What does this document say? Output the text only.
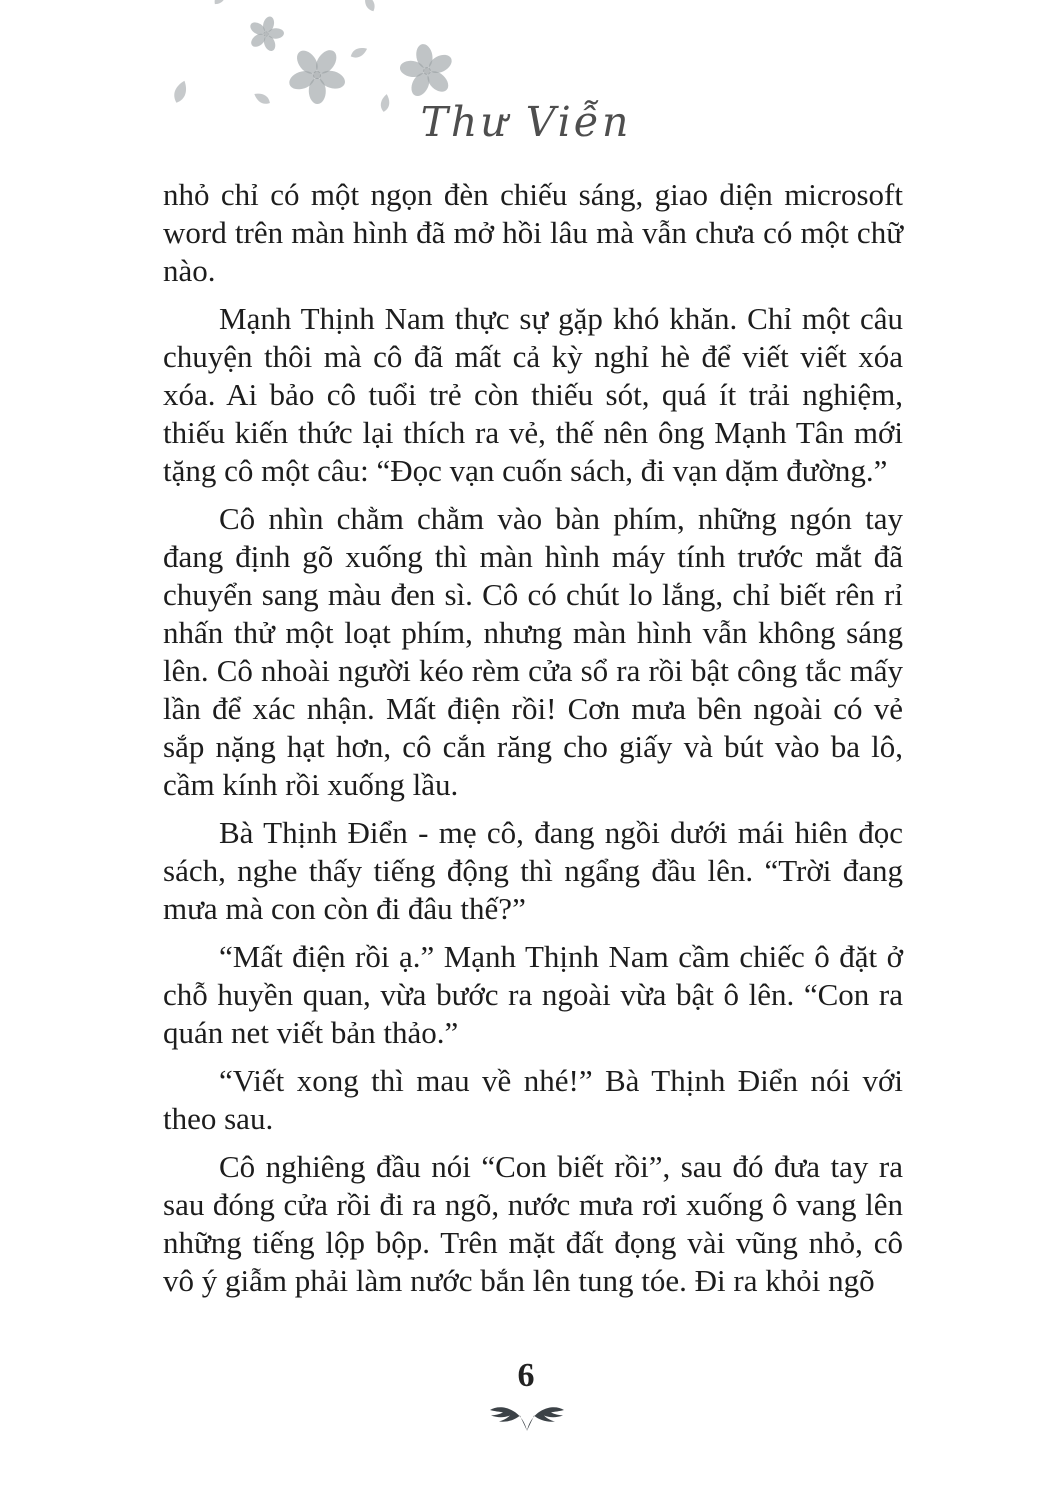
Thư Viễn

nhỏ chỉ có một ngọn đèn chiếu sáng, giao diện microsoft word trên màn hình đã mở hồi lâu mà vẫn chưa có một chữ nào.

Mạnh Thịnh Nam thực sự gặp khó khăn. Chỉ một câu chuyện thôi mà cô đã mất cả kỳ nghỉ hè để viết viết xóa xóa. Ai bảo cô tuổi trẻ còn thiếu sót, quá ít trải nghiệm, thiếu kiến thức lại thích ra vẻ, thế nên ông Mạnh Tân mới tặng cô một câu: “Đọc vạn cuốn sách, đi vạn dặm đường.”

Cô nhìn chằm chằm vào bàn phím, những ngón tay đang định gõ xuống thì màn hình máy tính trước mắt đã chuyển sang màu đen sì. Cô có chút lo lắng, chỉ biết rên rỉ nhấn thử một loạt phím, nhưng màn hình vẫn không sáng lên. Cô nhoài người kéo rèm cửa sổ ra rồi bật công tắc mấy lần để xác nhận. Mất điện rồi! Cơn mưa bên ngoài có vẻ sắp nặng hạt hơn, cô cắn răng cho giấy và bút vào ba lô, cầm kính rồi xuống lầu.

Bà Thịnh Điển - mẹ cô, đang ngồi dưới mái hiên đọc sách, nghe thấy tiếng động thì ngẩng đầu lên. “Trời đang mưa mà con còn đi đâu thế?”

“Mất điện rồi ạ.” Mạnh Thịnh Nam cầm chiếc ô đặt ở chỗ huyền quan, vừa bước ra ngoài vừa bật ô lên. “Con ra quán net viết bản thảo.”

“Viết xong thì mau về nhé!” Bà Thịnh Điển nói với theo sau.

Cô nghiêng đầu nói “Con biết rồi”, sau đó đưa tay ra sau đóng cửa rồi đi ra ngõ, nước mưa rơi xuống ô vang lên những tiếng lộp bộp. Trên mặt đất đọng vài vũng nhỏ, cô vô ý giẫm phải làm nước bắn lên tung tóe. Đi ra khỏi ngõ

6
